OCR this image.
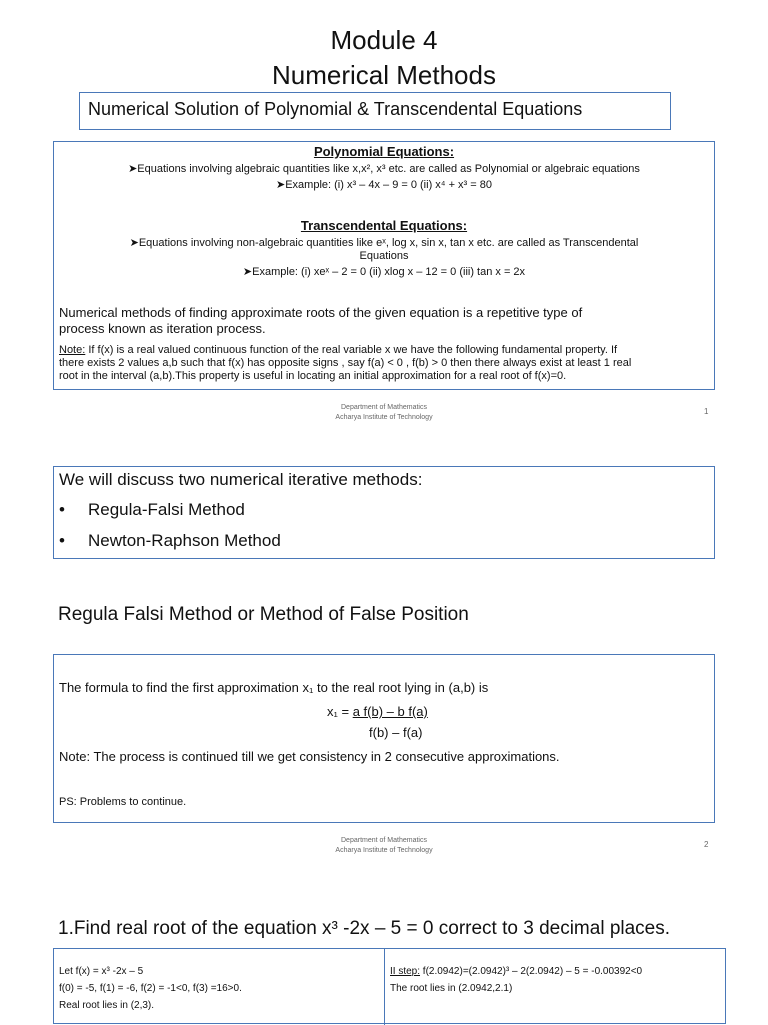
Module 4
Numerical Methods
Numerical Solution of Polynomial & Transcendental Equations
Polynomial Equations:
➤Equations involving algebraic quantities like x,x², x³ etc. are called as Polynomial or algebraic equations
➤Example: (i) x³ – 4x – 9 = 0 (ii) x⁴ + x³ = 80
Transcendental Equations:
➤Equations involving non-algebraic quantities like eˣ, log x, sin x, tan x etc. are called as Transcendental
Equations
➤Example: (i) xeˣ – 2 = 0 (ii) xlog x – 12 = 0 (iii) tan x = 2x
Numerical methods of finding approximate roots of the given equation is a repetitive type of
process known as iteration process.
Note: If f(x) is a real valued continuous function of the real variable x we have the following fundamental property. If
there exists 2 values a,b such that f(x) has opposite signs , say f(a) < 0 , f(b) > 0 then there always exist at least 1 real
root in the interval (a,b).This property is useful in locating an initial approximation for a real root of f(x)=0.
Department of Mathematics
Acharya Institute of Technology
1
We will discuss two numerical iterative methods:
• Regula-Falsi Method
• Newton-Raphson Method
Regula Falsi Method or Method of False Position
The formula to find the first approximation x₁ to the real root lying in (a,b) is
x₁ = a f(b) – b f(a)
f(b) – f(a)
Note: The process is continued till we get consistency in 2 consecutive approximations.
PS: Problems to continue.
Department of Mathematics
Acharya Institute of Technology
2
1.Find real root of the equation x³ -2x – 5 = 0 correct to 3 decimal places.
Let f(x) = x³ -2x – 5
f(0) = -5, f(1) = -6, f(2) = -1<0, f(3) =16>0.
Real root lies in (2,3).
II step: f(2.0942)=(2.0942)³ – 2(2.0942) – 5 = -0.00392<0
The root lies in (2.0942,2.1)
